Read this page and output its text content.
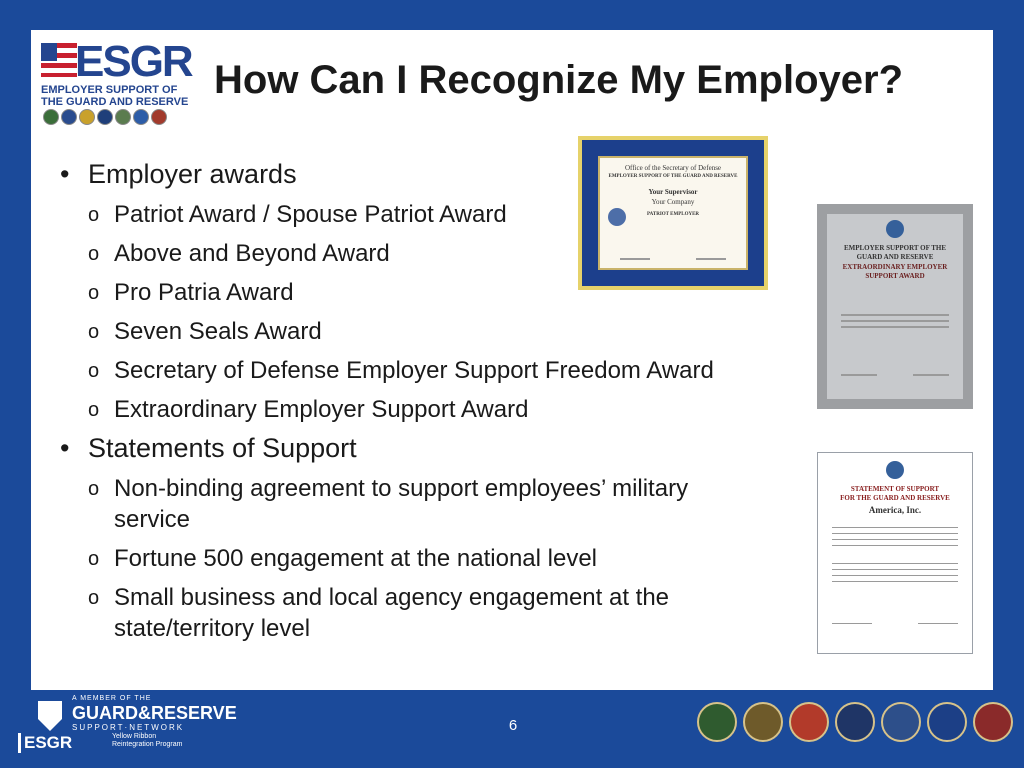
ESGR
EMPLOYER SUPPORT OF
THE GUARD AND RESERVE How Can I Recognize My Employer?
• Employer awards
o Patriot Award / Spouse Patriot Award
o Above and Beyond Award
o Pro Patria Award
o Seven Seals Award
o Secretary of Defense Employer Support Freedom Award
o Extraordinary Employer Support Award
• Statements of Support
o Non-binding agreement to support employees’ military service
o Fortune 500 engagement at the national level
o Small business and local agency engagement at the state/territory level
Office of the Secretary of Defense
EMPLOYER SUPPORT OF THE GUARD AND RESERVE
Your Supervisor
Your Company
PATRIOT EMPLOYER
EMPLOYER SUPPORT OF THE
GUARD AND RESERVE
EXTRAORDINARY EMPLOYER
SUPPORT AWARD
STATEMENT OF SUPPORT
FOR THE GUARD AND RESERVE
America, Inc.
A MEMBER OF THE
GUARD&RESERVE
SUPPORT·NETWORK
ESGR	Yellow Ribbon
Reintegration Program
6
